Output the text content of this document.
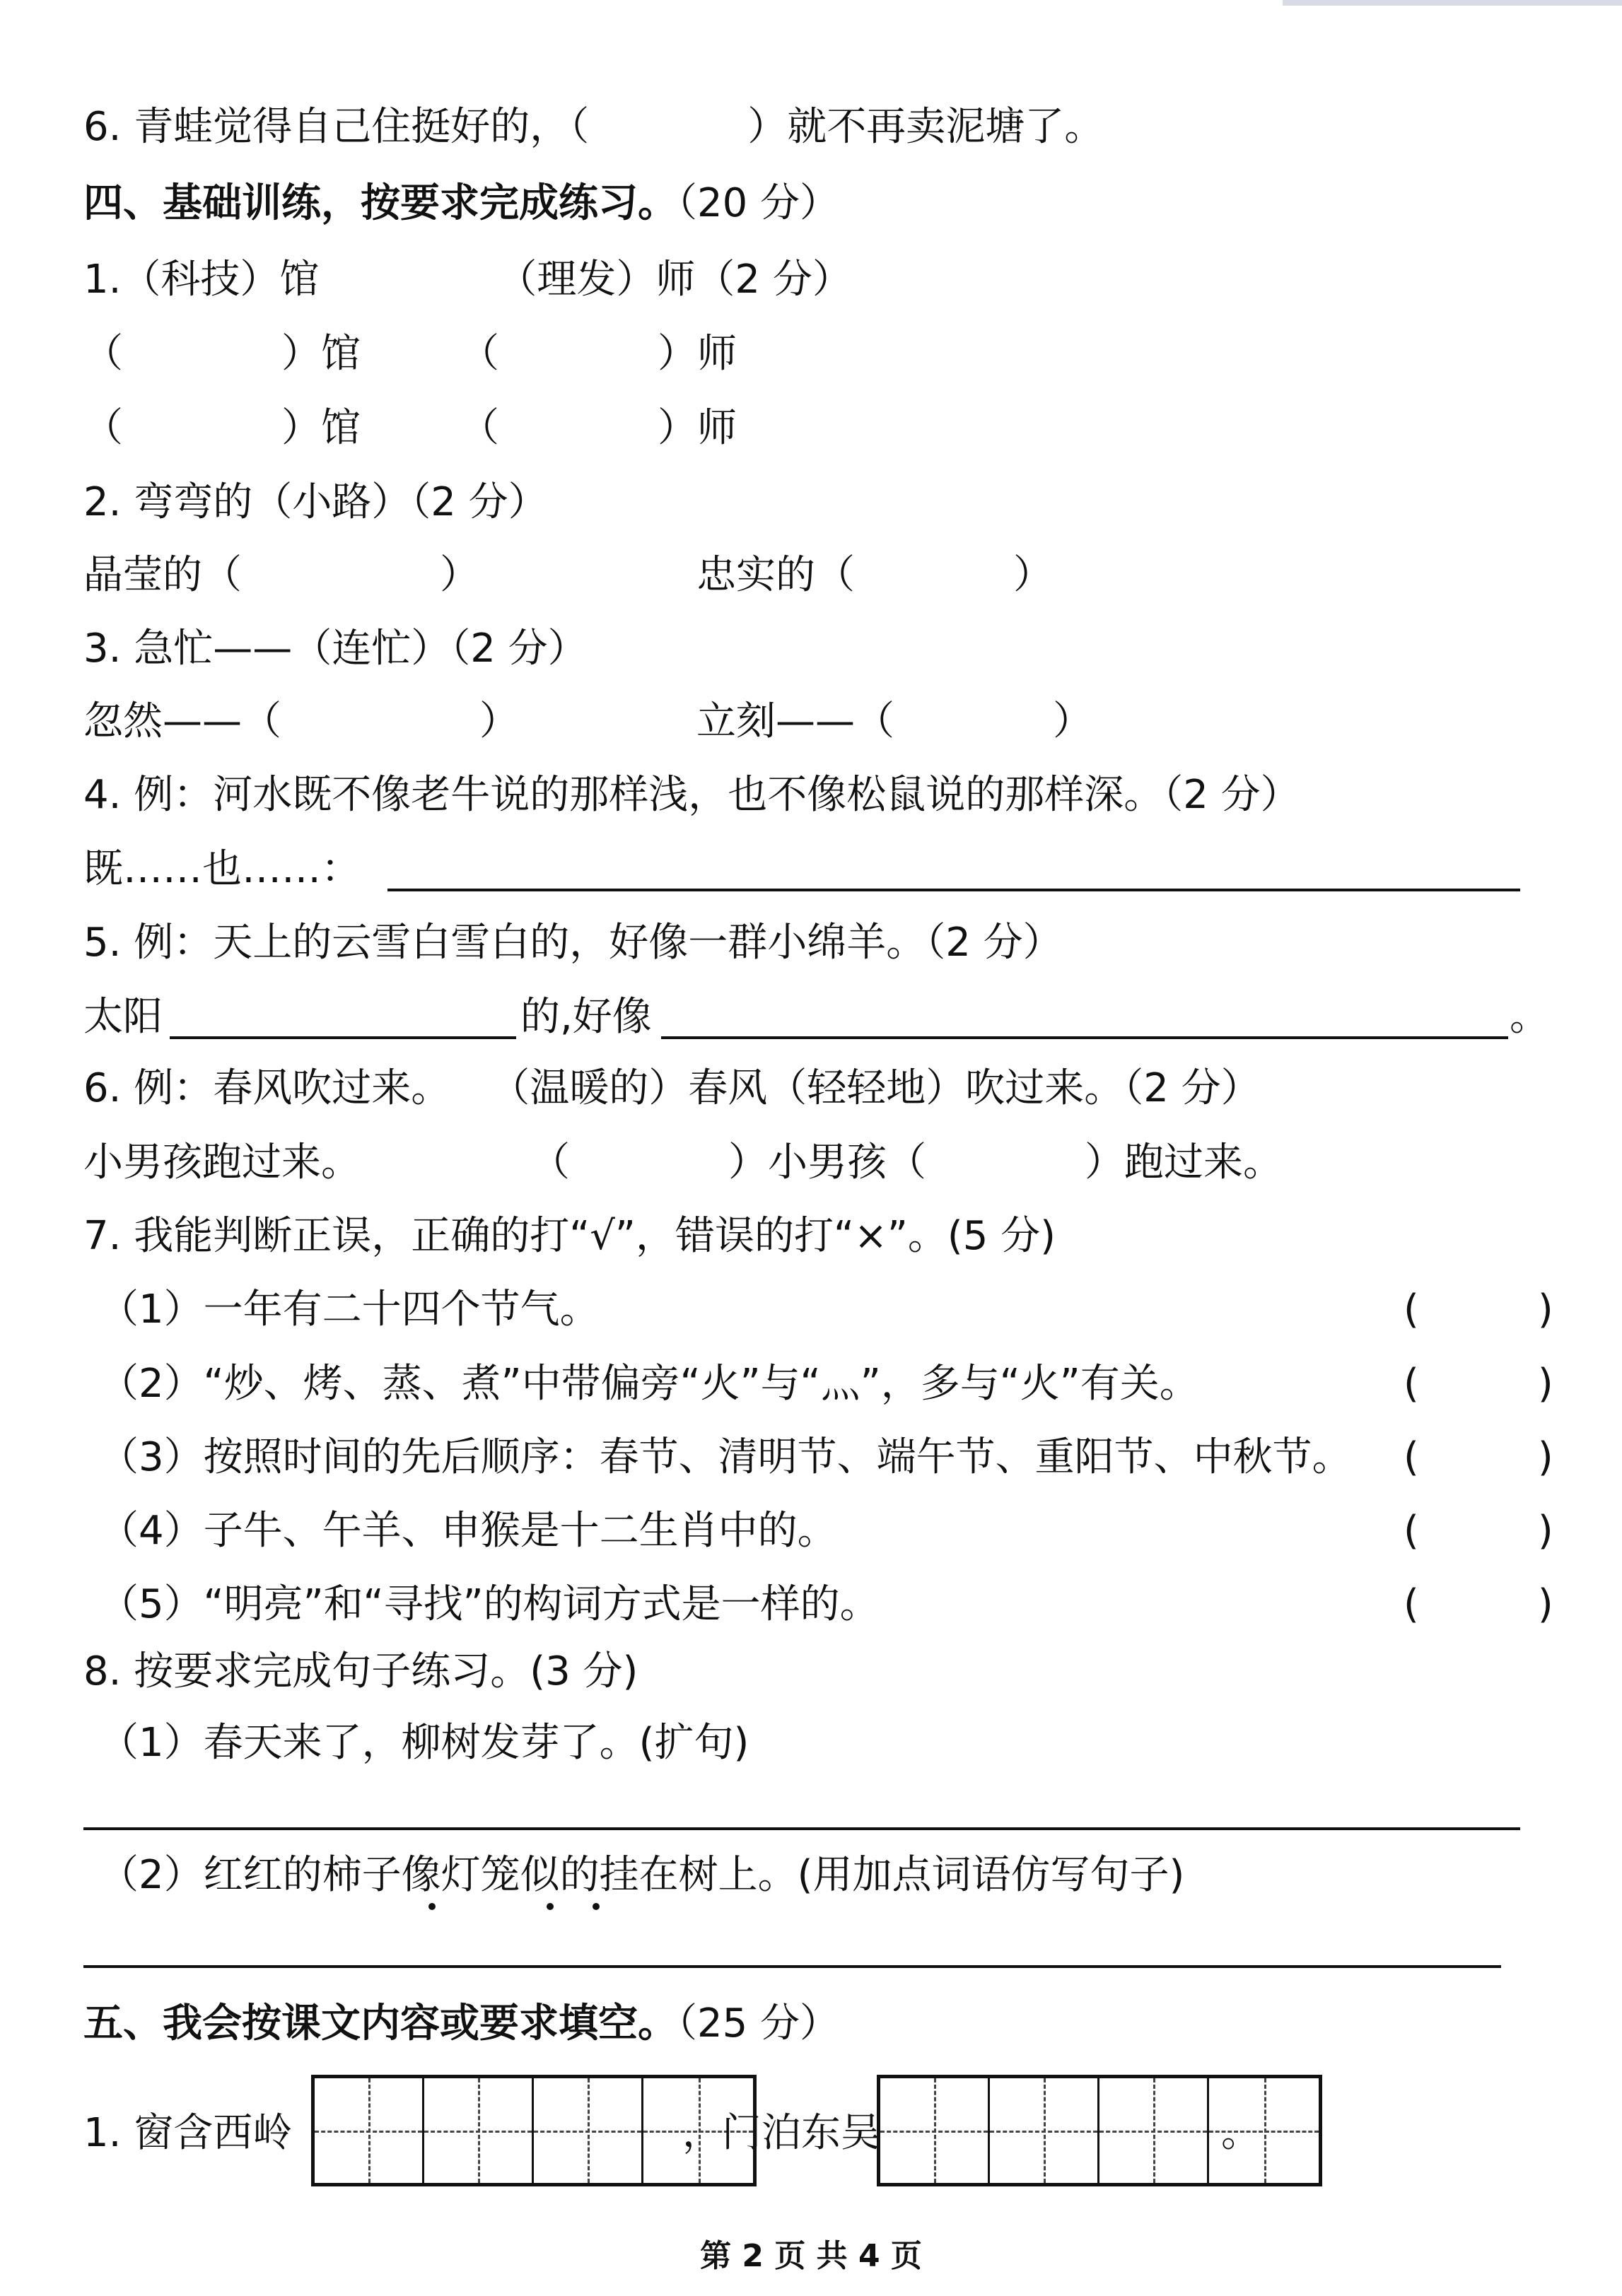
6. 青蛙觉得自己住挺好的，（　　　　）就不再卖泥塘了。
四、基础训练，按要求完成练习。（20 分）
1.（科技）馆　　　　　（理发）师（2 分）
（　　　　）馆　　　（　　　　）师
（　　　　）馆　　　（　　　　）师
2. 弯弯的（小路）（2 分）
晶莹的（　　　　　）	忠实的（　　　　）
3. 急忙——（连忙）（2 分）
忽然——（　　　　　）	立刻——（　　　　）
4. 例：河水既不像老牛说的那样浅，也不像松鼠说的那样深。（2 分）
既……也……：
5. 例：天上的云雪白雪白的，好像一群小绵羊。（2 分）
太阳	的,好像	。
6. 例：春风吹过来。　　（温暖的）春风（轻轻地）吹过来。（2 分）
小男孩跑过来。	（　　　　）小男孩（　　　　）跑过来。
7. 我能判断正误，正确的打“√”，错误的打“×”。(5 分)
（1）一年有二十四个节气。	(　　　)
（2）“炒、烤、蒸、煮”中带偏旁“火”与“灬”，多与“火”有关。	(　　　)
（3）按照时间的先后顺序：春节、清明节、端午节、重阳节、中秋节。 (　　　)
（4）子牛、午羊、申猴是十二生肖中的。	(　　　)
（5）“明亮”和“寻找”的构词方式是一样的。	(　　　)
8. 按要求完成句子练习。(3 分)
（1）春天来了，柳树发芽了。(扩句)
（2）红红的柿子像灯笼似的挂在树上。(用加点词语仿写句子)
五、我会按课文内容或要求填空。（25 分）
1. 窗含西岭	，门泊东吴	。
第 2 页 共 4 页
